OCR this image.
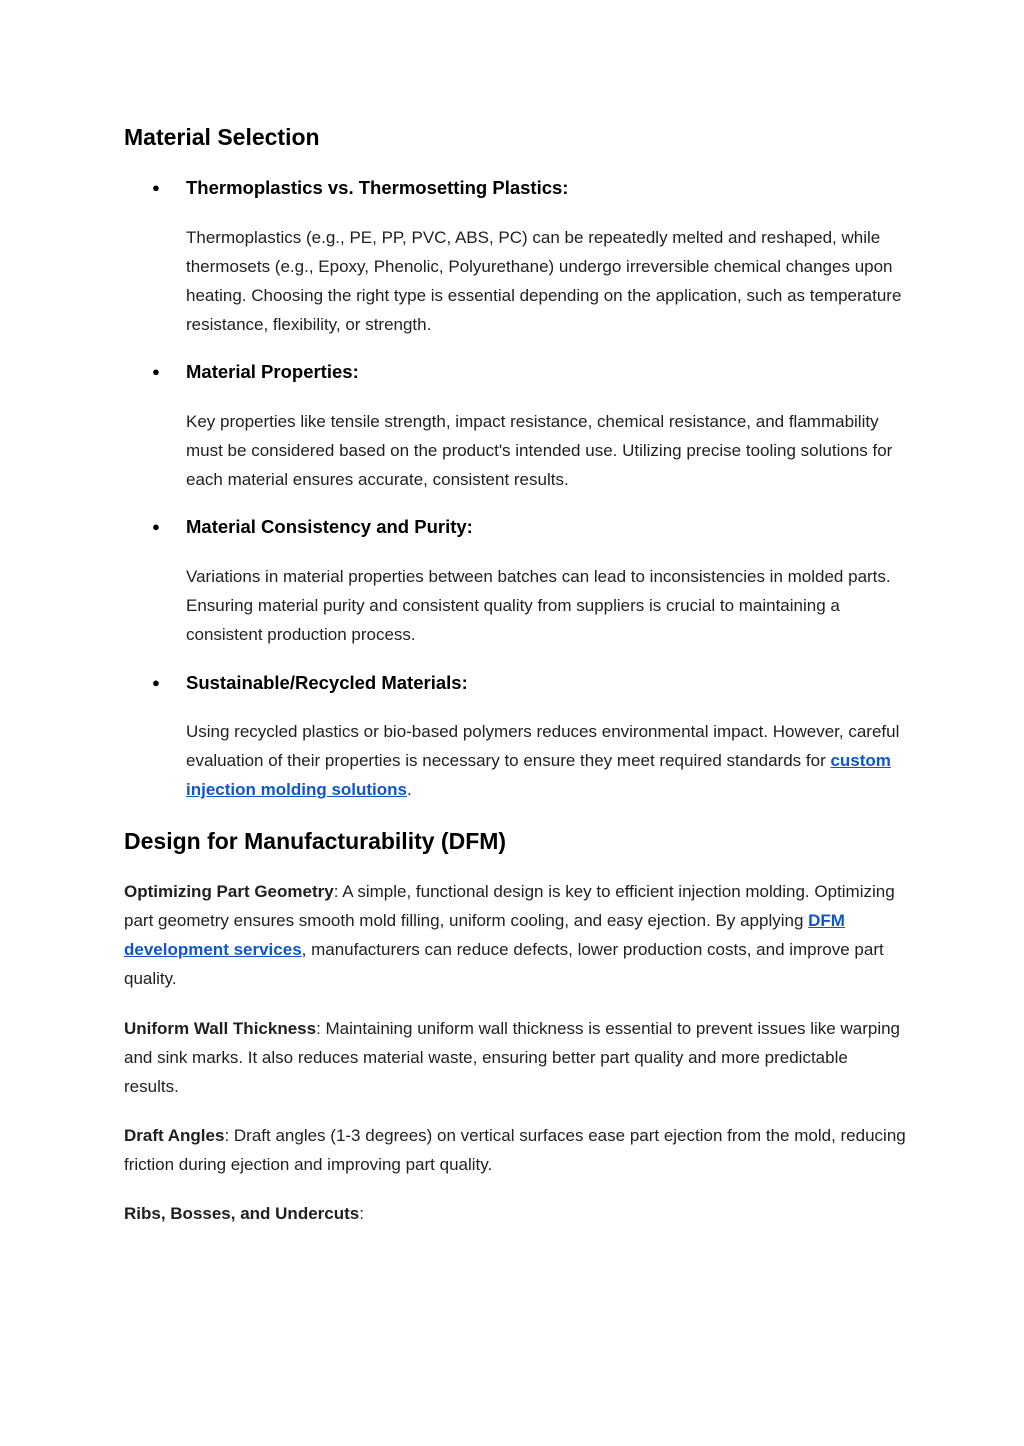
Material Selection

● Thermoplastics vs. Thermosetting Plastics:

Thermoplastics (e.g., PE, PP, PVC, ABS, PC) can be repeatedly melted and reshaped, while thermosets (e.g., Epoxy, Phenolic, Polyurethane) undergo irreversible chemical changes upon heating. Choosing the right type is essential depending on the application, such as temperature resistance, flexibility, or strength.

● Material Properties:

Key properties like tensile strength, impact resistance, chemical resistance, and flammability must be considered based on the product's intended use. Utilizing precise tooling solutions for each material ensures accurate, consistent results.

● Material Consistency and Purity:

Variations in material properties between batches can lead to inconsistencies in molded parts. Ensuring material purity and consistent quality from suppliers is crucial to maintaining a consistent production process.

● Sustainable/Recycled Materials:

Using recycled plastics or bio-based polymers reduces environmental impact. However, careful evaluation of their properties is necessary to ensure they meet required standards for custom injection molding solutions.

Design for Manufacturability (DFM)

Optimizing Part Geometry: A simple, functional design is key to efficient injection molding. Optimizing part geometry ensures smooth mold filling, uniform cooling, and easy ejection. By applying DFM development services, manufacturers can reduce defects, lower production costs, and improve part quality.

Uniform Wall Thickness: Maintaining uniform wall thickness is essential to prevent issues like warping and sink marks. It also reduces material waste, ensuring better part quality and more predictable results.

Draft Angles: Draft angles (1-3 degrees) on vertical surfaces ease part ejection from the mold, reducing friction during ejection and improving part quality.

Ribs, Bosses, and Undercuts:
